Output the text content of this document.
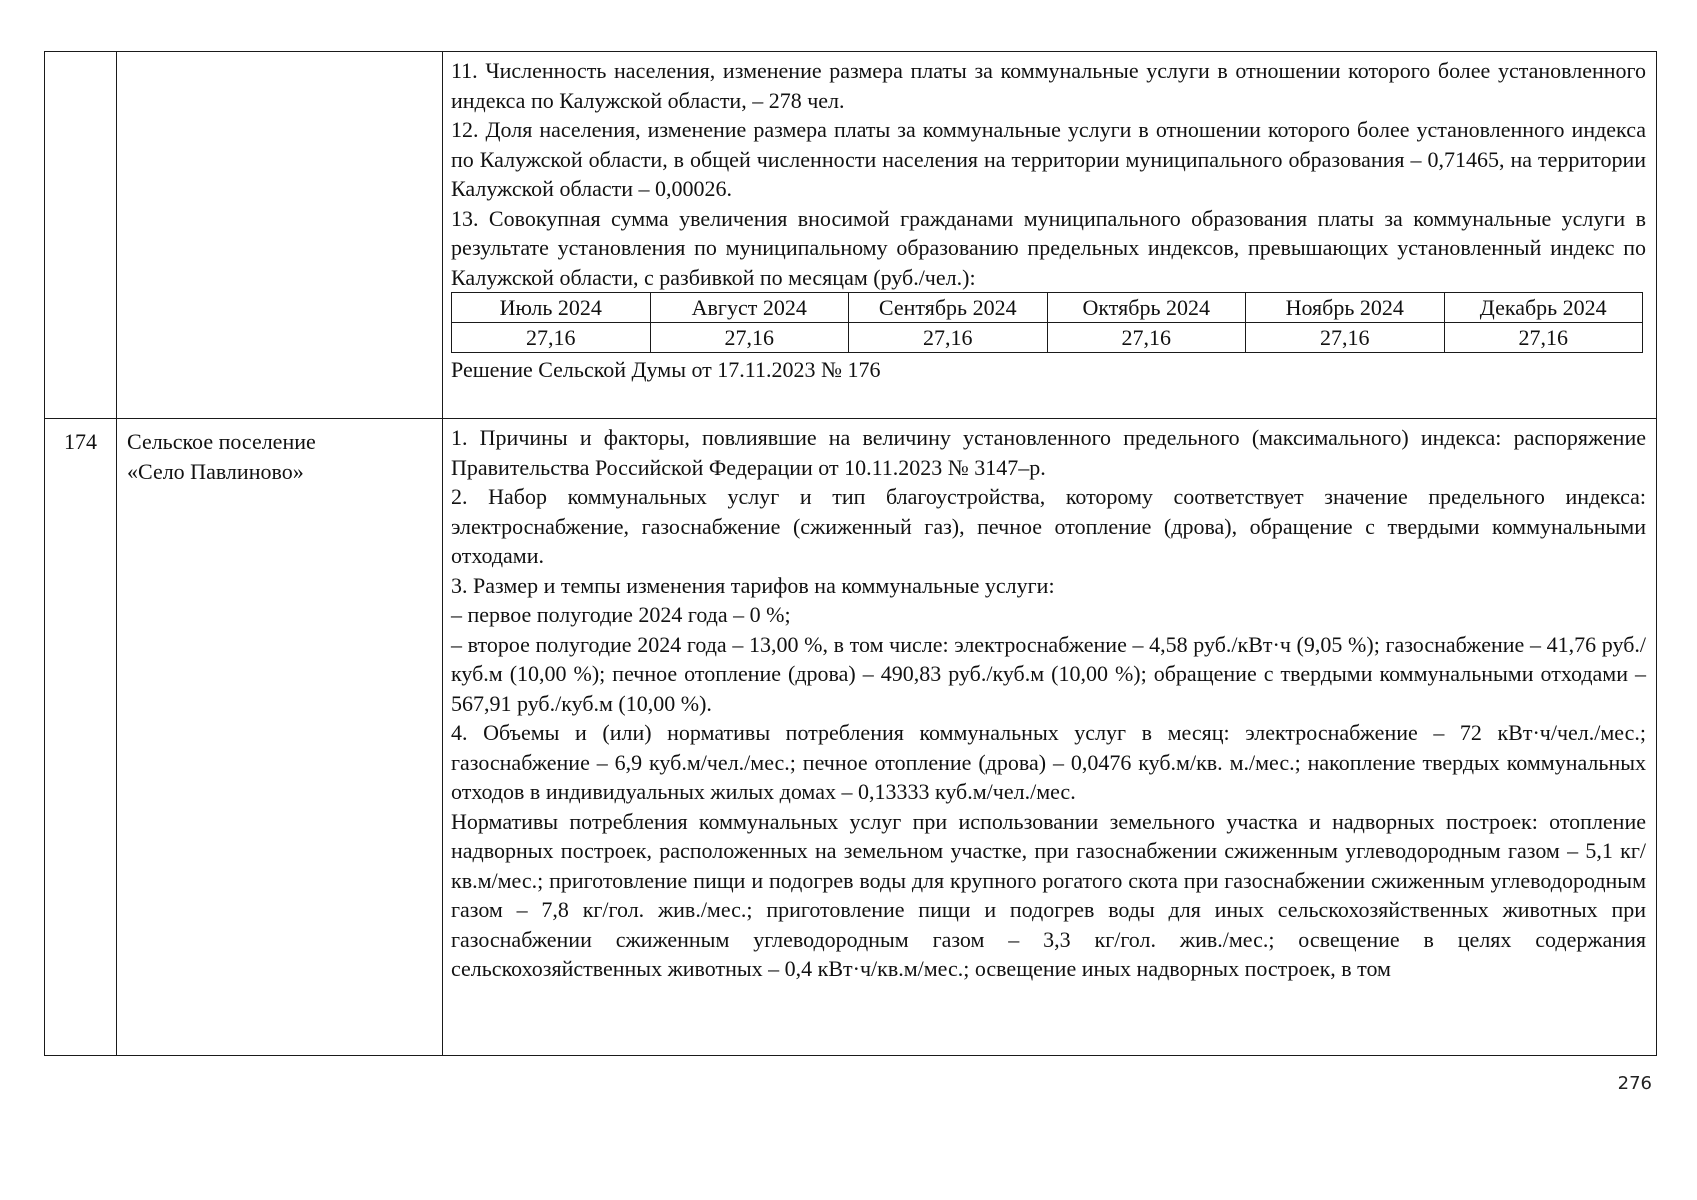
11. Численность населения, изменение размера платы за коммунальные услуги в отношении которого более установленного индекса по Калужской области, – 278 чел.

12. Доля населения, изменение размера платы за коммунальные услуги в отношении которого более установленного индекса по Калужской области, в общей численности населения на территории муниципального образования – 0,71465, на территории Калужской области – 0,00026.

13. Совокупная сумма увеличения вносимой гражданами муниципального образования платы за коммунальные услуги в результате установления по муниципальному образованию предельных индексов, превышающих установленный индекс по Калужской области, с разбивкой по месяцам (руб./чел.):

Июль 2024	Август 2024	Сентябрь 2024	Октябрь 2024	Ноябрь 2024	Декабрь 2024
27,16	27,16	27,16	27,16	27,16	27,16

Решение Сельской Думы от 17.11.2023 № 176

174	Сельское поселение
«Село Павлиново»

1. Причины и факторы, повлиявшие на величину установленного предельного (максимального) индекса: распоряжение Правительства Российской Федерации от 10.11.2023 № 3147–р.

2. Набор коммунальных услуг и тип благоустройства, которому соответствует значение предельного индекса: электроснабжение, газоснабжение (сжиженный газ), печное отопление (дрова), обращение с твердыми коммунальными отходами.

3. Размер и темпы изменения тарифов на коммунальные услуги:

– первое полугодие 2024 года – 0 %;

– второе полугодие 2024 года – 13,00 %, в том числе: электроснабжение – 4,58 руб./кВт·ч (9,05 %); газоснабжение – 41,76 руб./куб.м (10,00 %); печное отопление (дрова) – 490,83 руб./куб.м (10,00 %); обращение с твердыми коммунальными отходами – 567,91 руб./куб.м (10,00 %).

4. Объемы и (или) нормативы потребления коммунальных услуг в месяц: электроснабжение – 72 кВт·ч/чел./мес.; газоснабжение – 6,9 куб.м/чел./мес.; печное отопление (дрова) – 0,0476 куб.м/кв. м./мес.; накопление твердых коммунальных отходов в индивидуальных жилых домах – 0,13333 куб.м/чел./мес.

Нормативы потребления коммунальных услуг при использовании земельного участка и надворных построек: отопление надворных построек, расположенных на земельном участке, при газоснабжении сжиженным углеводородным газом – 5,1 кг/кв.м/мес.; приготовление пищи и подогрев воды для крупного рогатого скота при газоснабжении сжиженным углеводородным газом – 7,8 кг/гол. жив./мес.; приготовление пищи и подогрев воды для иных сельскохозяйственных животных при газоснабжении сжиженным углеводородным газом – 3,3 кг/гол. жив./мес.; освещение в целях содержания сельскохозяйственных животных – 0,4 кВт·ч/кв.м/мес.; освещение иных надворных построек, в том

276
